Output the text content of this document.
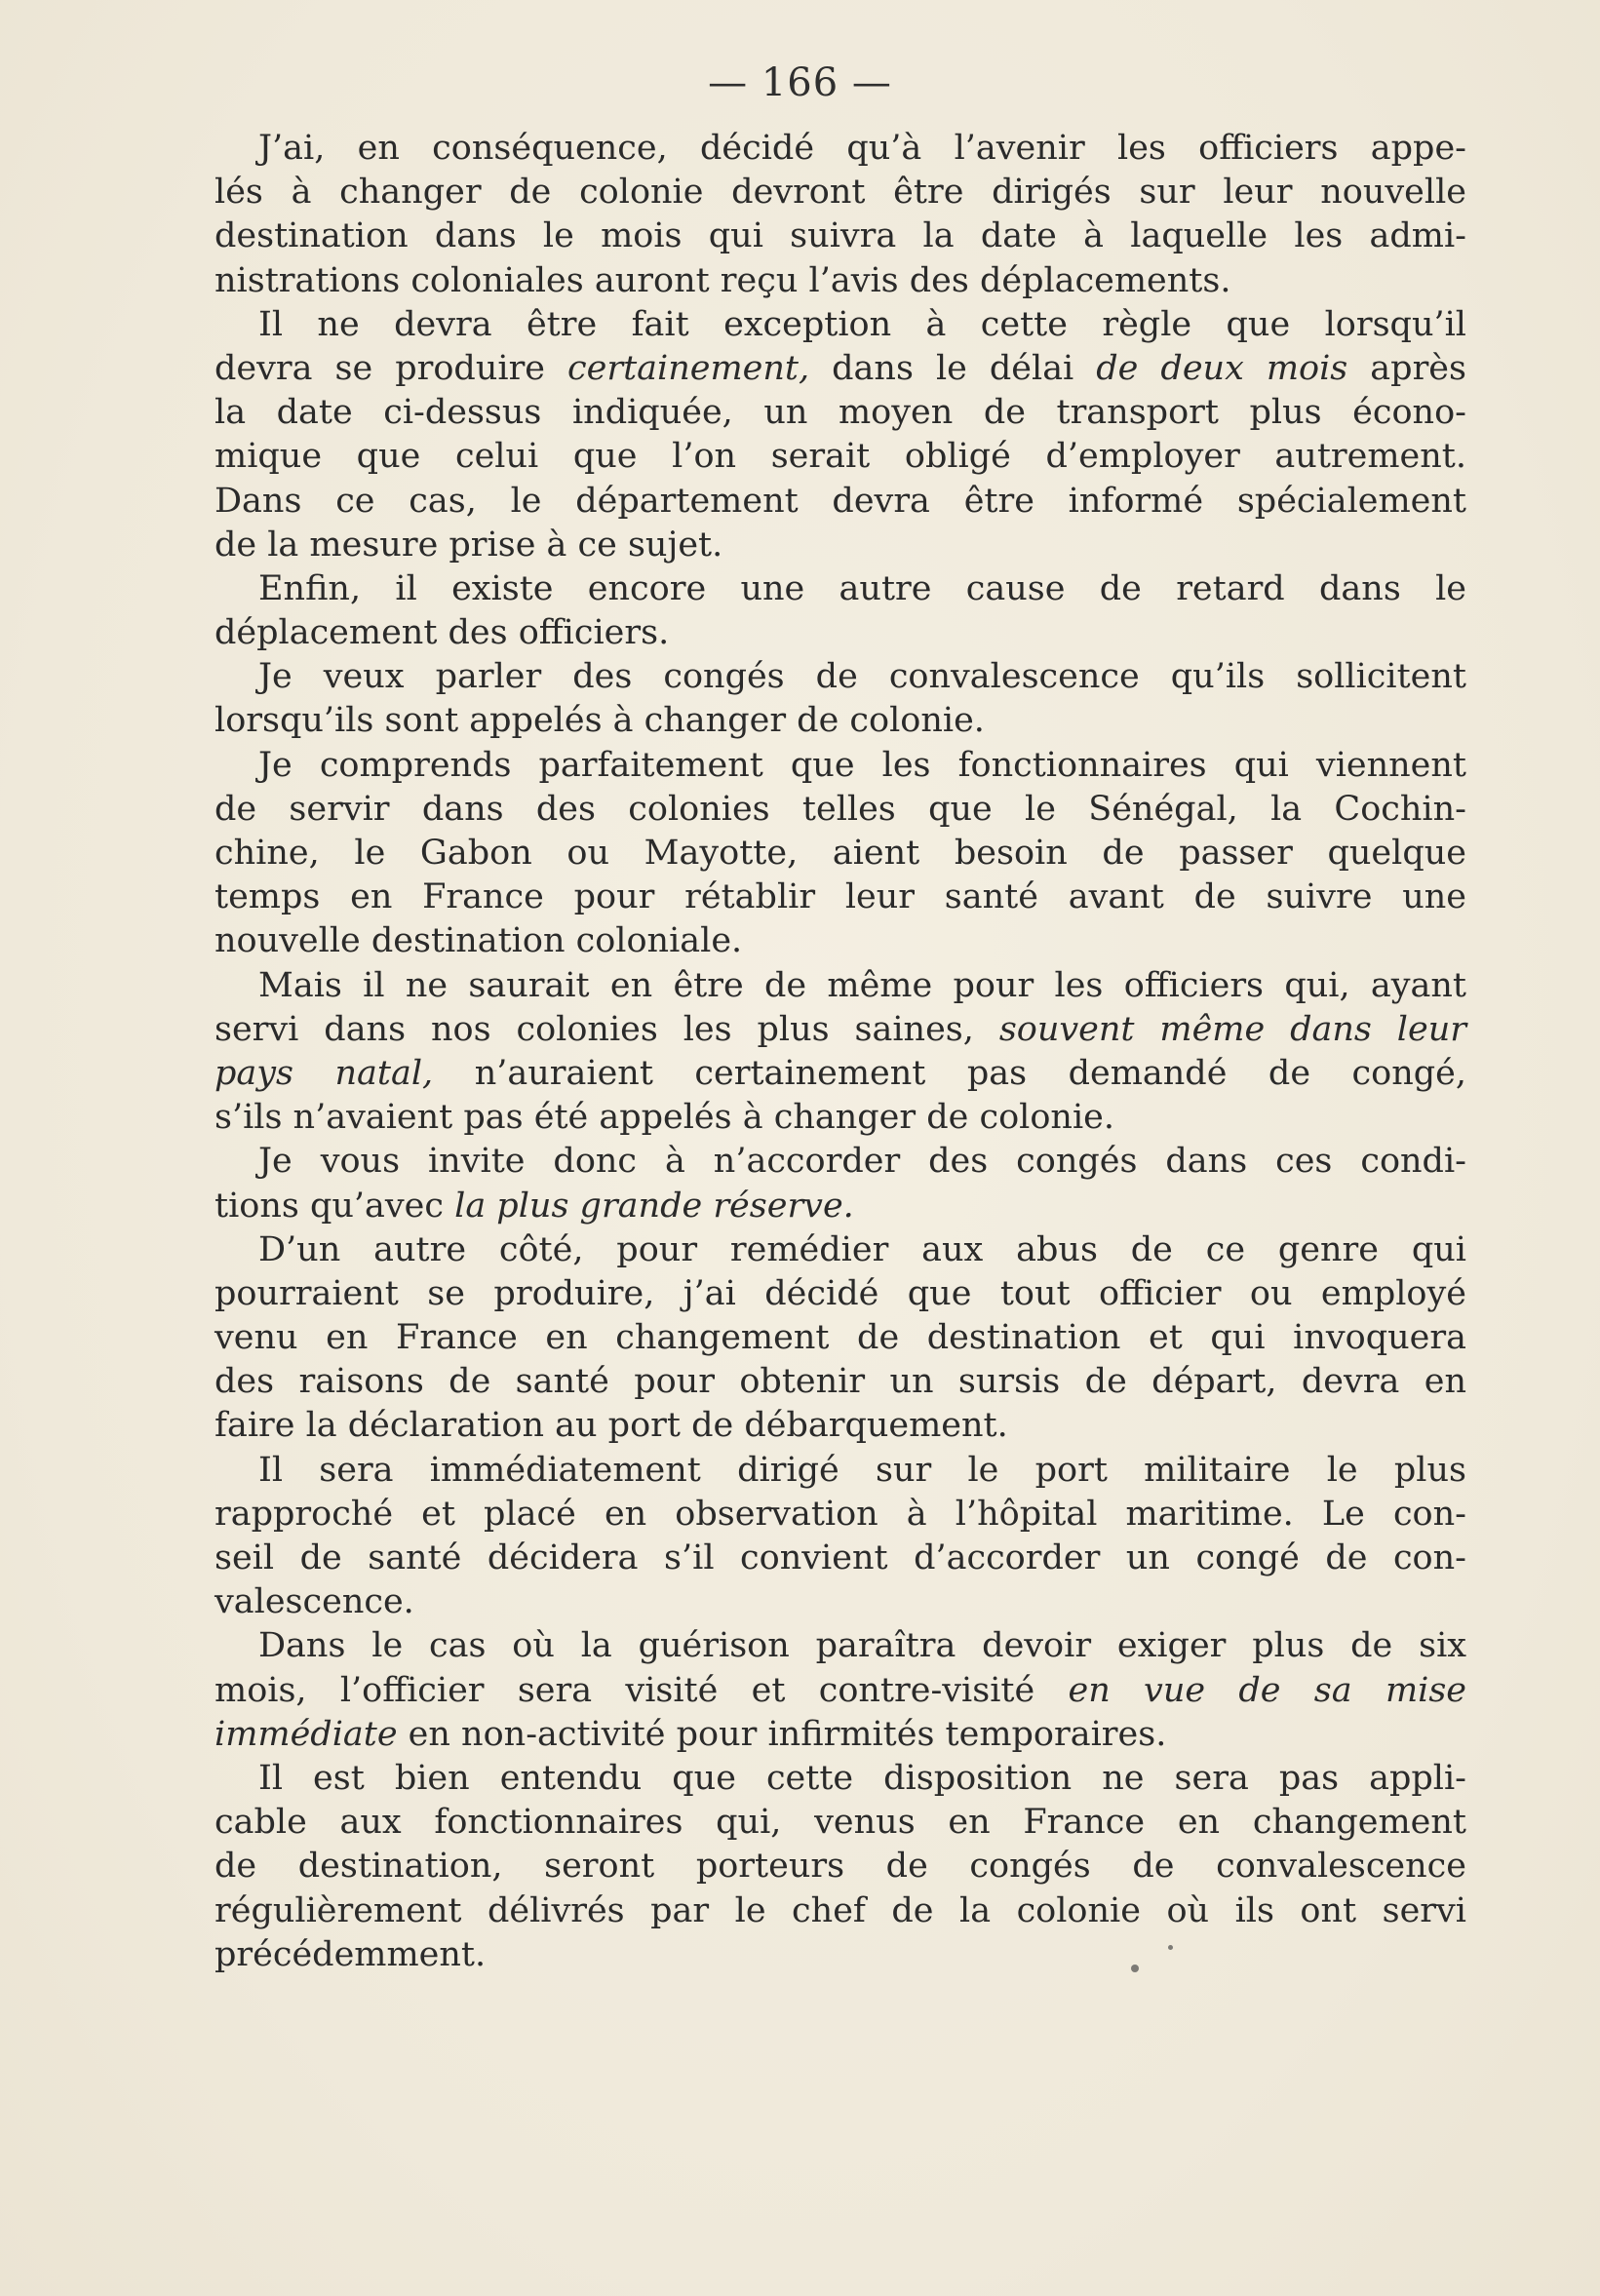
— 166 —
J’ai, en conséquence, décidé qu’à l’avenir les officiers appe-
lés à changer de colonie devront être dirigés sur leur nouvelle
destination dans le mois qui suivra la date à laquelle les admi-
nistrations coloniales auront reçu l’avis des déplacements.
Il ne devra être fait exception à cette règle que lorsqu’il
devra se produire certainement, dans le délai de deux mois après
la date ci-dessus indiquée, un moyen de transport plus écono-
mique que celui que l’on serait obligé d’employer autrement.
Dans ce cas, le département devra être informé spécialement
de la mesure prise à ce sujet.
Enfin, il existe encore une autre cause de retard dans le
déplacement des officiers.
Je veux parler des congés de convalescence qu’ils sollicitent
lorsqu’ils sont appelés à changer de colonie.
Je comprends parfaitement que les fonctionnaires qui viennent
de servir dans des colonies telles que le Sénégal, la Cochin-
chine, le Gabon ou Mayotte, aient besoin de passer quelque
temps en France pour rétablir leur santé avant de suivre une
nouvelle destination coloniale.
Mais il ne saurait en être de même pour les officiers qui, ayant
servi dans nos colonies les plus saines, souvent même dans leur
pays natal, n’auraient certainement pas demandé de congé,
s’ils n’avaient pas été appelés à changer de colonie.
Je vous invite donc à n’accorder des congés dans ces condi-
tions qu’avec la plus grande réserve.
D’un autre côté, pour remédier aux abus de ce genre qui
pourraient se produire, j’ai décidé que tout officier ou employé
venu en France en changement de destination et qui invoquera
des raisons de santé pour obtenir un sursis de départ, devra en
faire la déclaration au port de débarquement.
Il sera immédiatement dirigé sur le port militaire le plus
rapproché et placé en observation à l’hôpital maritime. Le con-
seil de santé décidera s’il convient d’accorder un congé de con-
valescence.
Dans le cas où la guérison paraîtra devoir exiger plus de six
mois, l’officier sera visité et contre-visité en vue de sa mise
immédiate en non-activité pour infirmités temporaires.
Il est bien entendu que cette disposition ne sera pas appli-
cable aux fonctionnaires qui, venus en France en changement
de destination, seront porteurs de congés de convalescence
régulièrement délivrés par le chef de la colonie où ils ont servi
précédemment.
